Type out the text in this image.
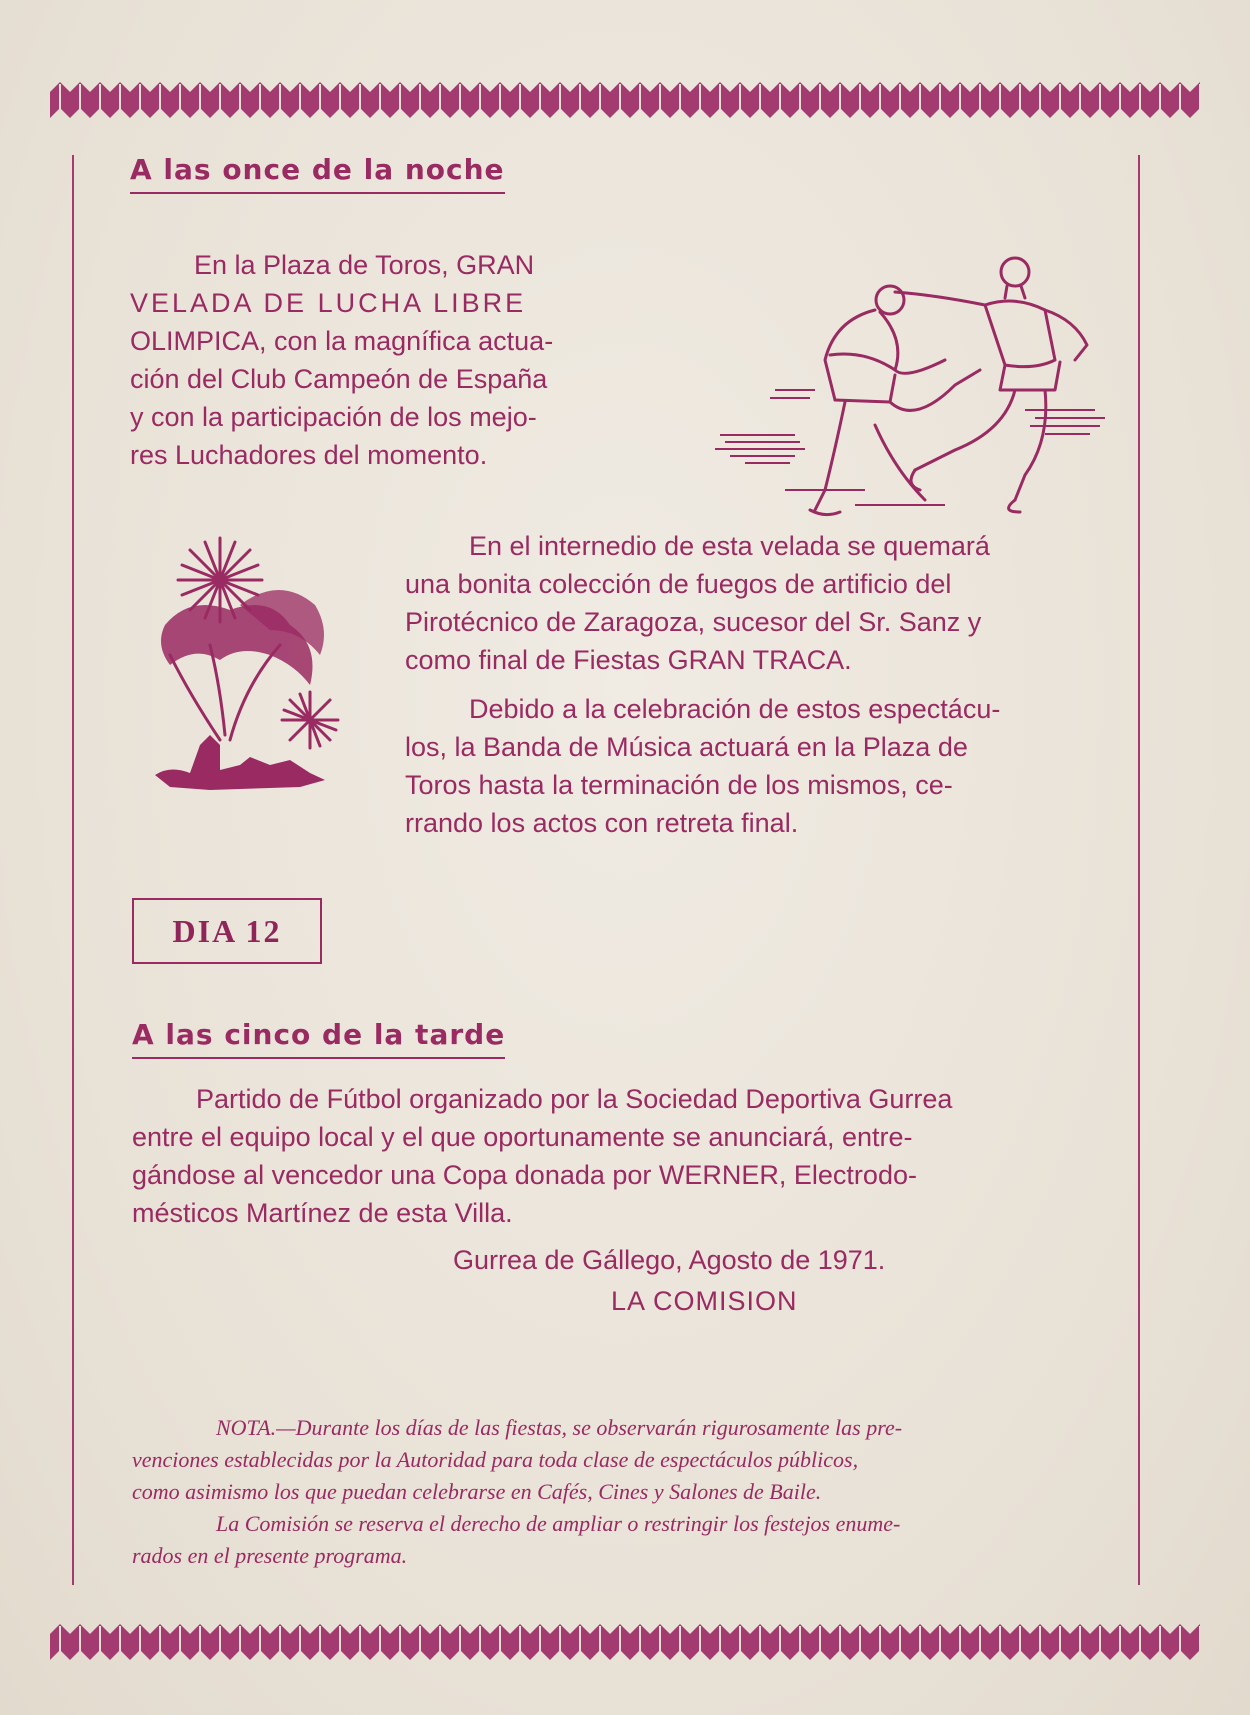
A las once de la noche
En la Plaza de Toros, GRAN
VELADA DE LUCHA LIBRE
OLIMPICA, con la magnífica actua-
ción del Club Campeón de España
y con la participación de los mejo-
res Luchadores del momento.
En el internedio de esta velada se quemará
una bonita colección de fuegos de artificio del
Pirotécnico de Zaragoza, sucesor del Sr. Sanz y
como final de Fiestas GRAN TRACA.
Debido a la celebración de estos espectácu-
los, la Banda de Música actuará en la Plaza de
Toros hasta la terminación de los mismos, ce-
rrando los actos con retreta final.
DIA 12
A las cinco de la tarde
Partido de Fútbol organizado por la Sociedad Deportiva Gurrea
entre el equipo local y el que oportunamente se anunciará, entre-
gándose al vencedor una Copa donada por WERNER, Electrodo-
mésticos Martínez de esta Villa.
Gurrea de Gállego, Agosto de 1971.
LA COMISION
NOTA.—Durante los días de las fiestas, se observarán rigurosamente las pre-
venciones establecidas por la Autoridad para toda clase de espectáculos públicos,
como asimismo los que puedan celebrarse en Cafés, Cines y Salones de Baile.
La Comisión se reserva el derecho de ampliar o restringir los festejos enume-
rados en el presente programa.
